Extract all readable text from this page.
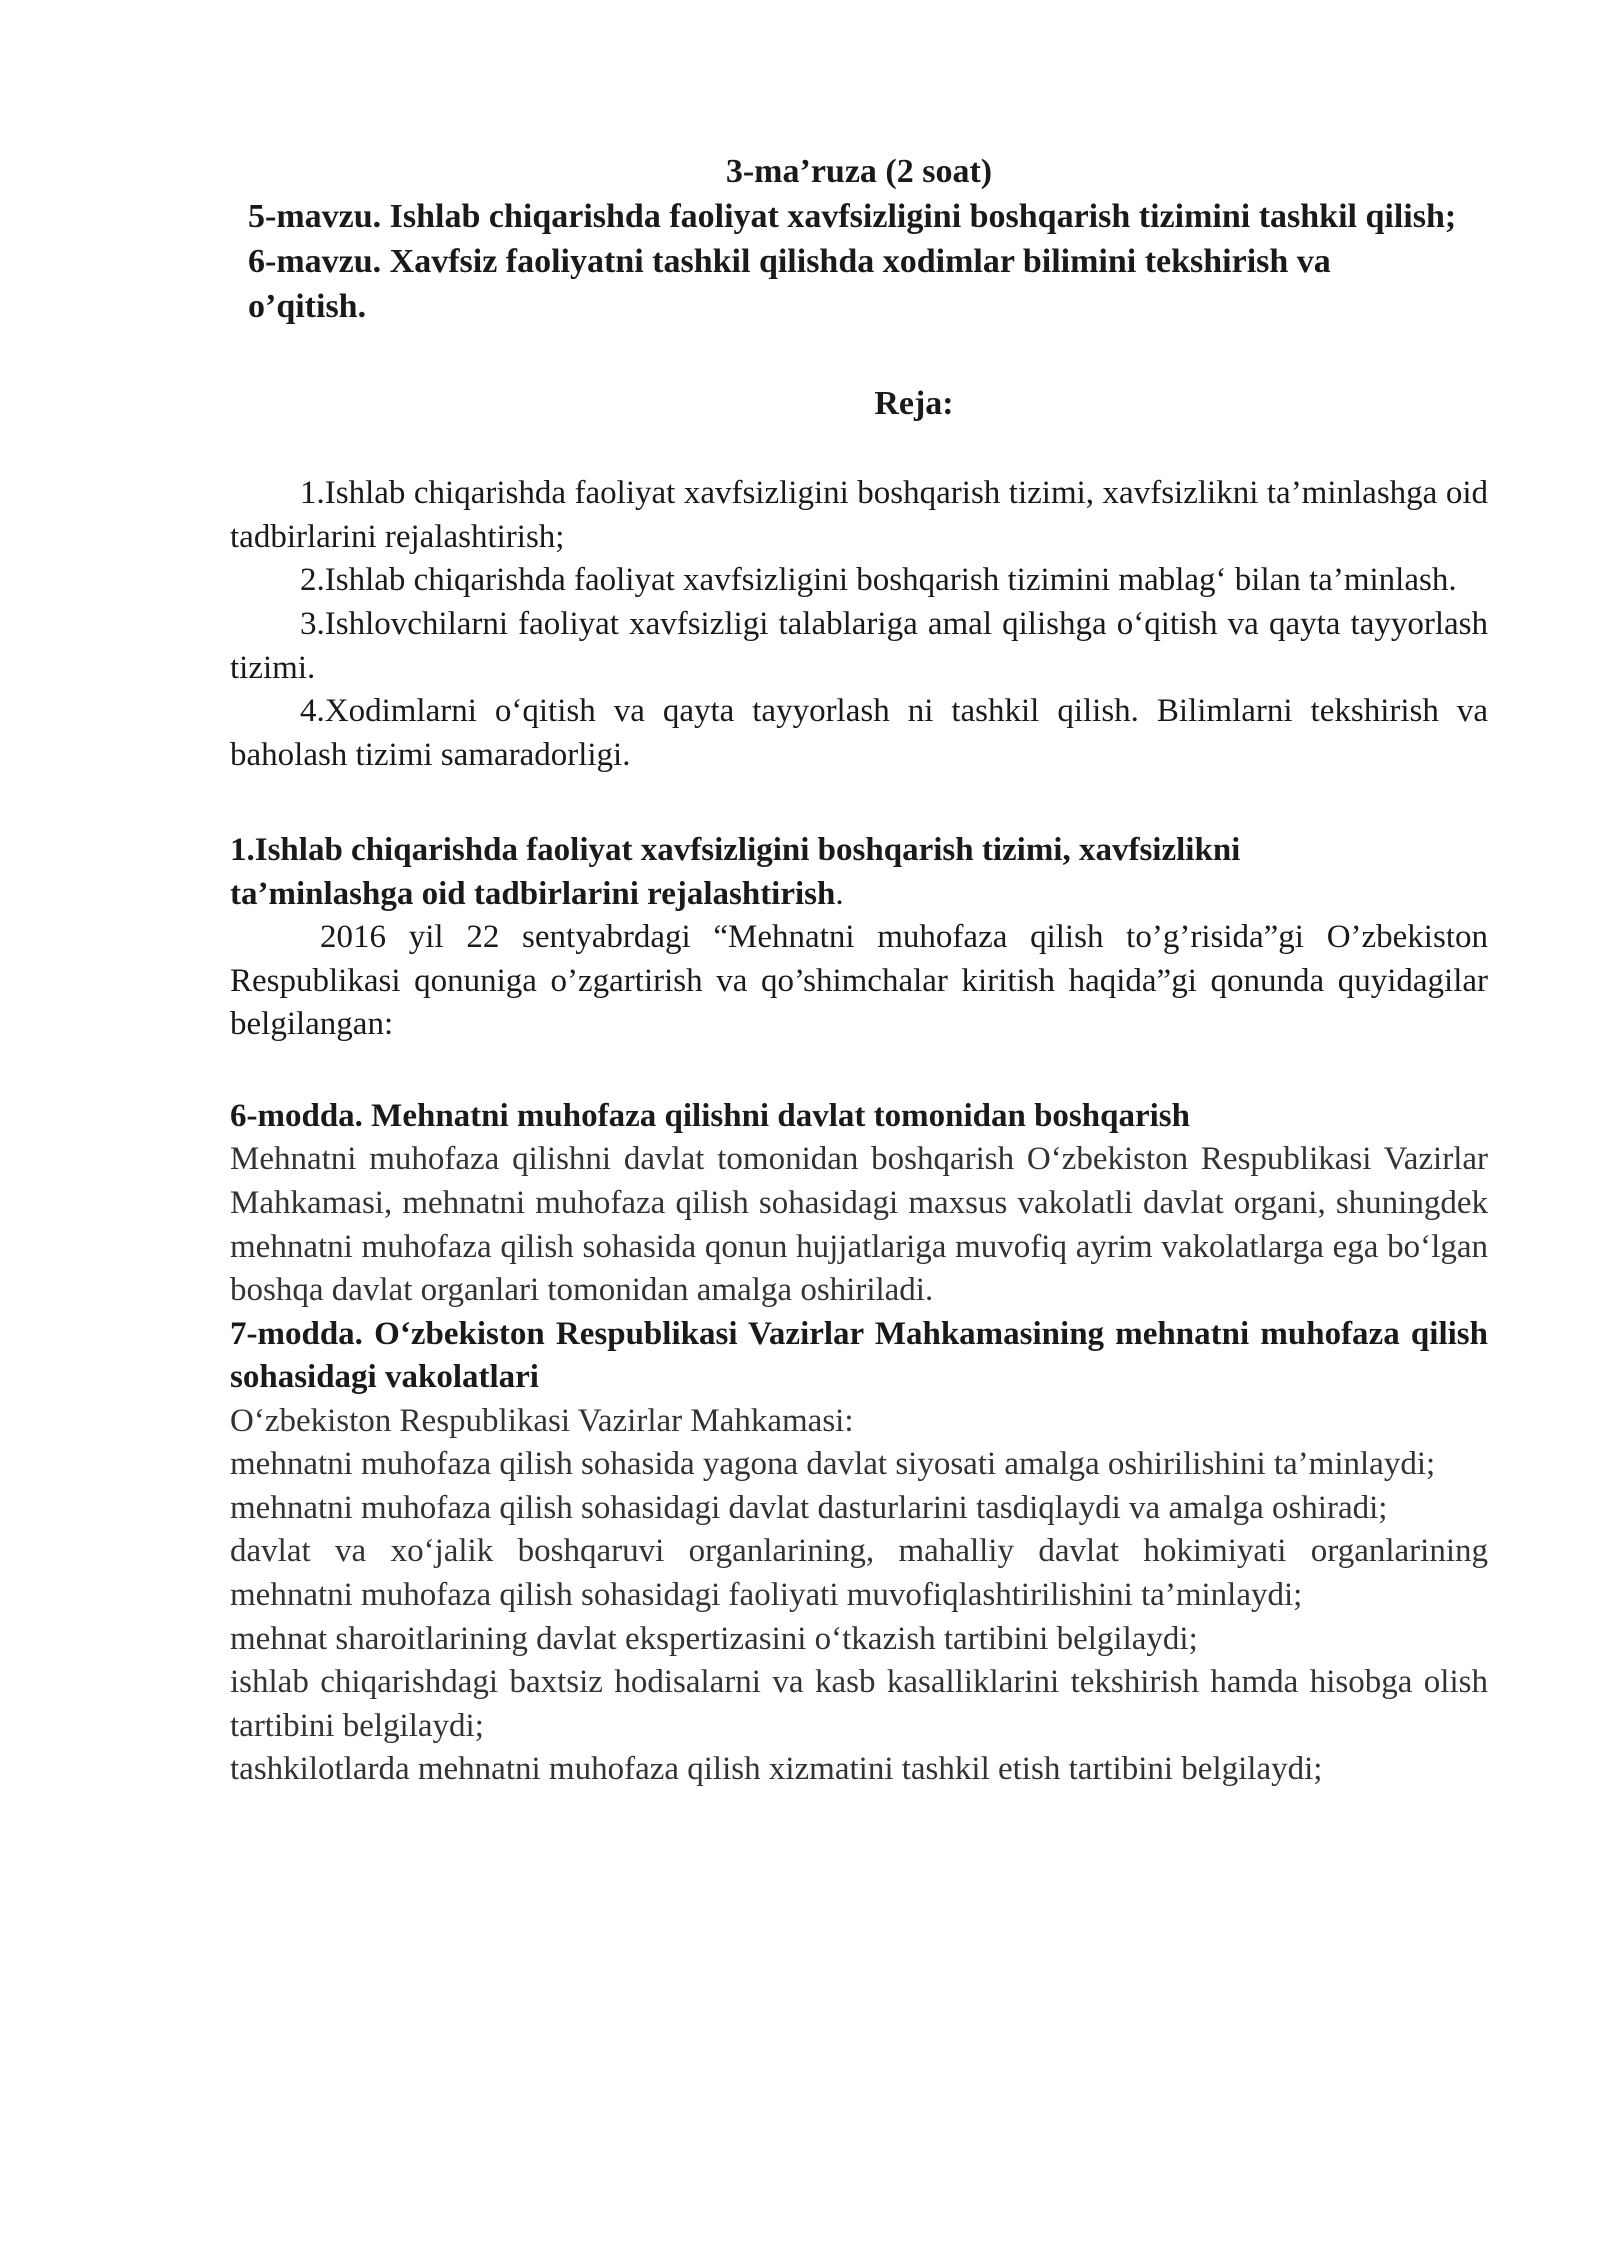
3-ma’ruza (2 soat)

5-mavzu. Ishlab chiqarishda faoliyat xavfsizligini boshqarish tizimini tashkil qilish;

6-mavzu. Xavfsiz faoliyatni tashkil qilishda xodimlar bilimini tekshirish va o’qitish.

Reja:

1.Ishlab chiqarishda faoliyat xavfsizligini boshqarish tizimi, xavfsizlikni ta’minlashga oid tadbirlarini rejalashtirish;

2.Ishlab chiqarishda faoliyat xavfsizligini boshqarish tizimini mablag‘ bilan ta’minlash.

3.Ishlovchilarni faoliyat xavfsizligi talablariga amal qilishga o‘qitish va qayta tayyorlash tizimi.

4.Xodimlarni o‘qitish va qayta tayyorlash ni tashkil qilish. Bilimlarni tekshirish va baholash tizimi samaradorligi.

1.Ishlab chiqarishda faoliyat xavfsizligini boshqarish tizimi, xavfsizlikni ta’minlashga oid tadbirlarini rejalashtirish.

2016 yil 22 sentyabrdagi “Mehnatni muhofaza qilish to’g’risida”gi O’zbekiston Respublikasi qonuniga o’zgartirish va qo’shimchalar kiritish haqida”gi qonunda quyidagilar belgilangan:

6-modda. Mehnatni muhofaza qilishni davlat tomonidan boshqarish

Mehnatni muhofaza qilishni davlat tomonidan boshqarish O‘zbekiston Respublikasi Vazirlar Mahkamasi, mehnatni muhofaza qilish sohasidagi maxsus vakolatli davlat organi, shuningdek mehnatni muhofaza qilish sohasida qonun hujjatlariga muvofiq ayrim vakolatlarga ega bo‘lgan boshqa davlat organlari tomonidan amalga oshiriladi.

7-modda. O‘zbekiston Respublikasi Vazirlar Mahkamasining mehnatni muhofaza qilish sohasidagi vakolatlari

O‘zbekiston Respublikasi Vazirlar Mahkamasi:

mehnatni muhofaza qilish sohasida yagona davlat siyosati amalga oshirilishini ta’minlaydi;

mehnatni muhofaza qilish sohasidagi davlat dasturlarini tasdiqlaydi va amalga oshiradi;

davlat va xo‘jalik boshqaruvi organlarining, mahalliy davlat hokimiyati organlarining mehnatni muhofaza qilish sohasidagi faoliyati muvofiqlashtirilishini ta’minlaydi;

mehnat sharoitlarining davlat ekspertizasini o‘tkazish tartibini belgilaydi;

ishlab chiqarishdagi baxtsiz hodisalarni va kasb kasalliklarini tekshirish hamda hisobga olish tartibini belgilaydi;

tashkilotlarda mehnatni muhofaza qilish xizmatini tashkil etish tartibini belgilaydi;
